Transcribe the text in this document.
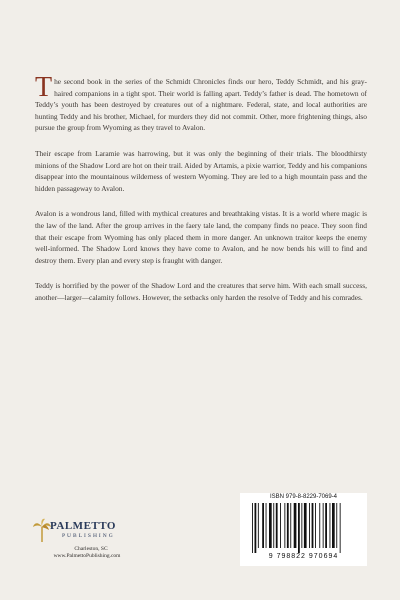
The second book in the series of the Schmidt Chronicles finds our hero, Teddy Schmidt, and his gray-haired companions in a tight spot. Their world is falling apart. Teddy’s father is dead. The hometown of Teddy’s youth has been destroyed by creatures out of a nightmare. Federal, state, and local authorities are hunting Teddy and his brother, Michael, for murders they did not commit. Other, more frightening things, also pursue the group from Wyoming as they travel to Avalon.

Their escape from Laramie was harrowing, but it was only the beginning of their trials. The bloodthirsty minions of the Shadow Lord are hot on their trail. Aided by Artamis, a pixie warrior, Teddy and his companions disappear into the mountainous wilderness of western Wyoming. They are led to a high mountain pass and the hidden passageway to Avalon.

Avalon is a wondrous land, filled with mythical creatures and breathtaking vistas. It is a world where magic is the law of the land. After the group arrives in the faery tale land, the company finds no peace. They soon find that their escape from Wyoming has only placed them in more danger. An unknown traitor keeps the enemy well-informed. The Shadow Lord knows they have come to Avalon, and he now bends his will to find and destroy them. Every plan and every step is fraught with danger.

Teddy is horrified by the power of the Shadow Lord and the creatures that serve him. With each small success, another—larger—calamity follows. However, the setbacks only harden the resolve of Teddy and his comrades.

PALMETTO
PUBLISHING
Charleston, SC
www.PalmettoPublishing.com
ISBN 979-8-8229-7069-4
9 798822 970694
